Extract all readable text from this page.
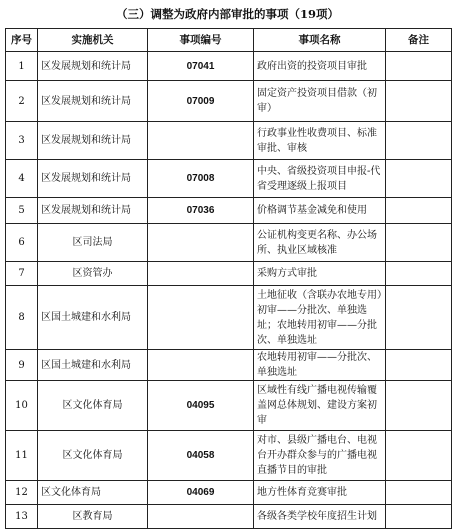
（三）调整为政府内部审批的事项（19项）
序号	实施机关	事项编号	事项名称	备注
1	区发展规划和统计局	07041	政府出资的投资项目审批	
2	区发展规划和统计局	07009	固定资产投资项目借款（初审）	
3	区发展规划和统计局		行政事业性收费项目、标准审批、审核	
4	区发展规划和统计局	07008	中央、省级投资项目申报-代省受理逐级上报项目	
5	区发展规划和统计局	07036	价格调节基金减免和使用	
6	区司法局		公证机构变更名称、办公场所、执业区域核准	
7	区资管办		采购方式审批	
8	区国土城建和水利局		土地征收（含联办农地专用）初审——分批次、单独选址；农地转用初审——分批次、单独选址	
9	区国土城建和水利局		农地转用初审——分批次、单独选址	
10	区文化体育局	04095	区域性有线广播电视传输覆盖网总体规划、建设方案初审	
11	区文化体育局	04058	对市、县级广播电台、电视台开办群众参与的广播电视直播节目的审批	
12	区文化体育局	04069	地方性体育竞赛审批	
13	区教育局		各级各类学校年度招生计划	
